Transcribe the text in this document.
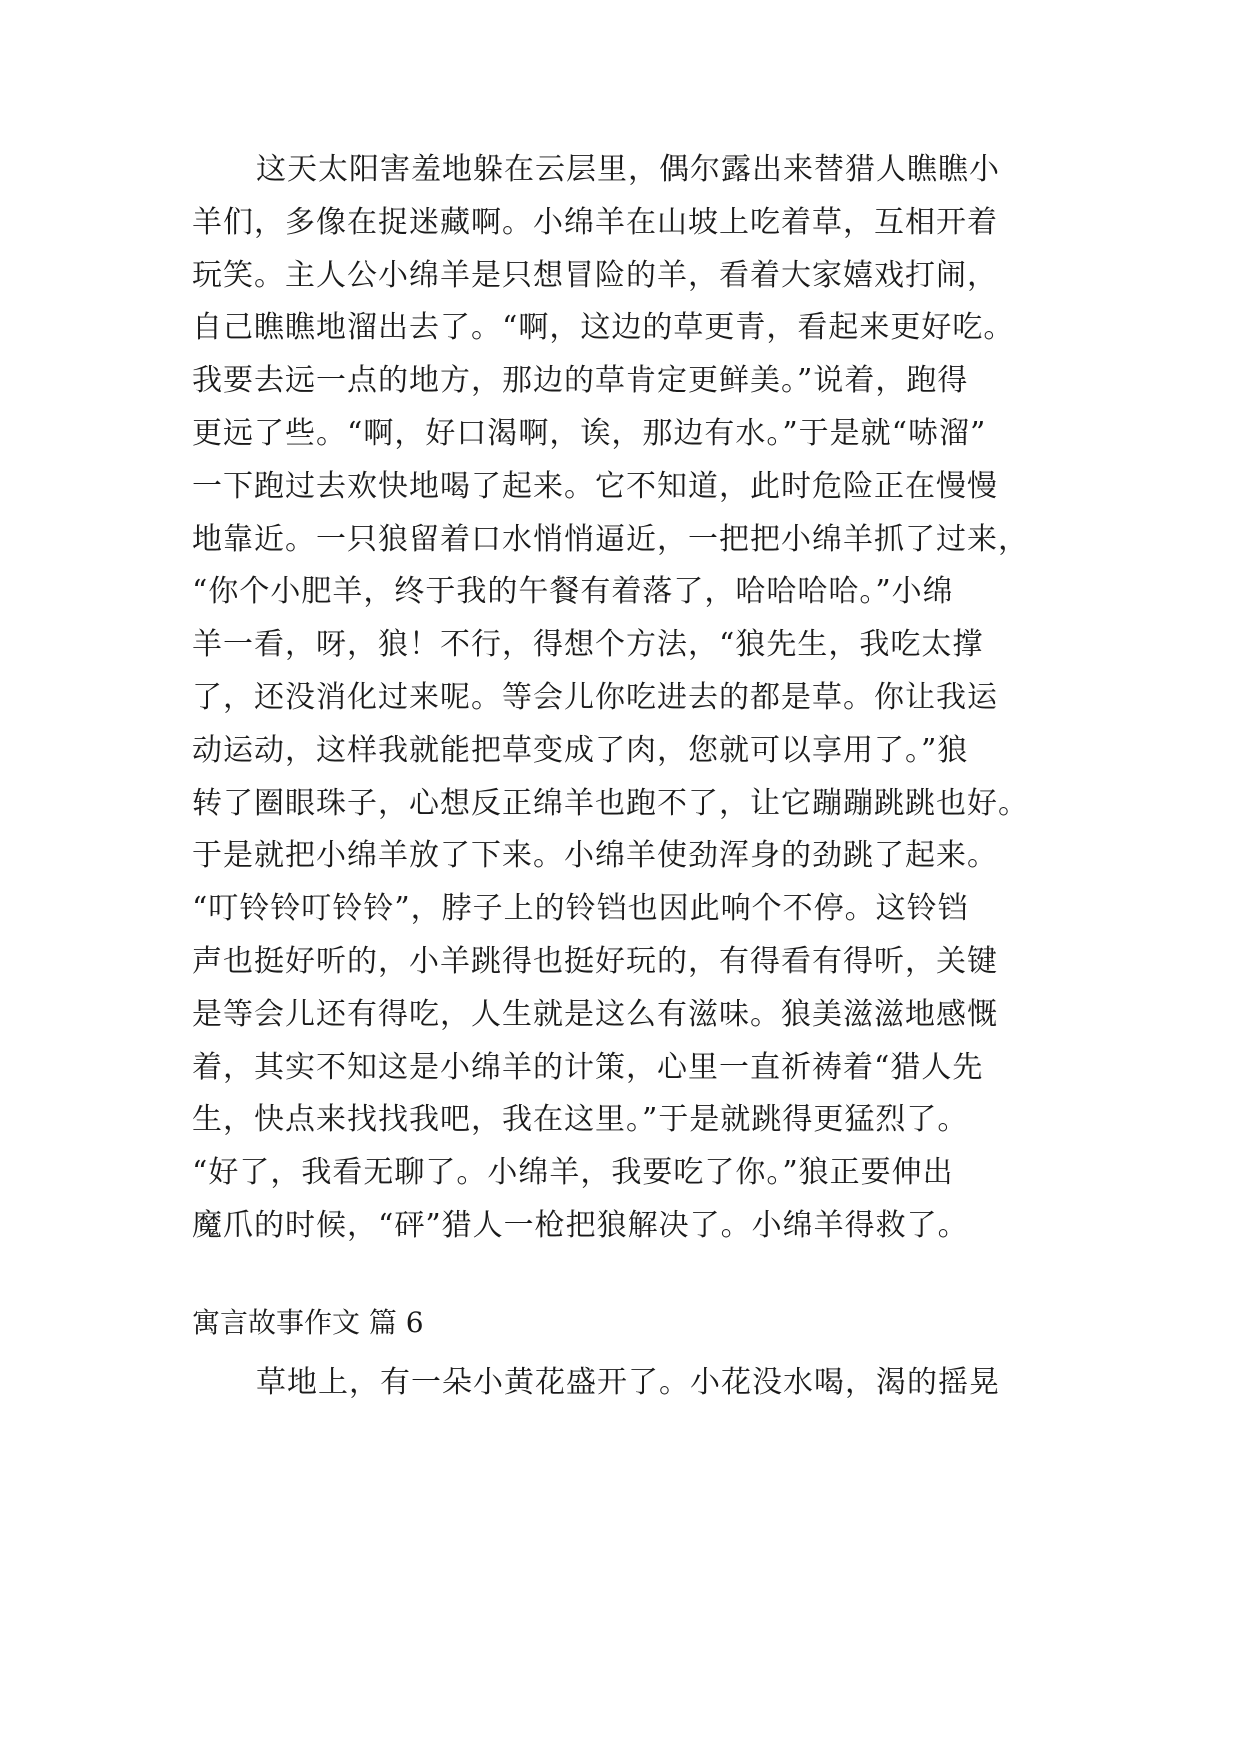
这天太阳害羞地躲在云层里，偶尔露出来替猎人瞧瞧小
羊们，多像在捉迷藏啊。小绵羊在山坡上吃着草，互相开着
玩笑。主人公小绵羊是只想冒险的羊，看着大家嬉戏打闹，
自己瞧瞧地溜出去了。“啊，这边的草更青，看起来更好吃。
我要去远一点的地方，那边的草肯定更鲜美。”说着，跑得
更远了些。“啊，好口渴啊，诶，那边有水。”于是就“哧溜”
一下跑过去欢快地喝了起来。它不知道，此时危险正在慢慢
地靠近。一只狼留着口水悄悄逼近，一把把小绵羊抓了过来，
“你个小肥羊，终于我的午餐有着落了，哈哈哈哈。”小绵
羊一看，呀，狼！不行，得想个方法，“狼先生，我吃太撑
了，还没消化过来呢。等会儿你吃进去的都是草。你让我运
动运动，这样我就能把草变成了肉，您就可以享用了。”狼
转了圈眼珠子，心想反正绵羊也跑不了，让它蹦蹦跳跳也好。
于是就把小绵羊放了下来。小绵羊使劲浑身的劲跳了起来。
“叮铃铃叮铃铃”，脖子上的铃铛也因此响个不停。这铃铛
声也挺好听的，小羊跳得也挺好玩的，有得看有得听，关键
是等会儿还有得吃，人生就是这么有滋味。狼美滋滋地感慨
着，其实不知这是小绵羊的计策，心里一直祈祷着“猎人先
生，快点来找找我吧，我在这里。”于是就跳得更猛烈了。
“好了，我看无聊了。小绵羊，我要吃了你。”狼正要伸出
魔爪的时候，“砰”猎人一枪把狼解决了。小绵羊得救了。
寓言故事作文 篇 6
草地上，有一朵小黄花盛开了。小花没水喝，渴的摇晃
